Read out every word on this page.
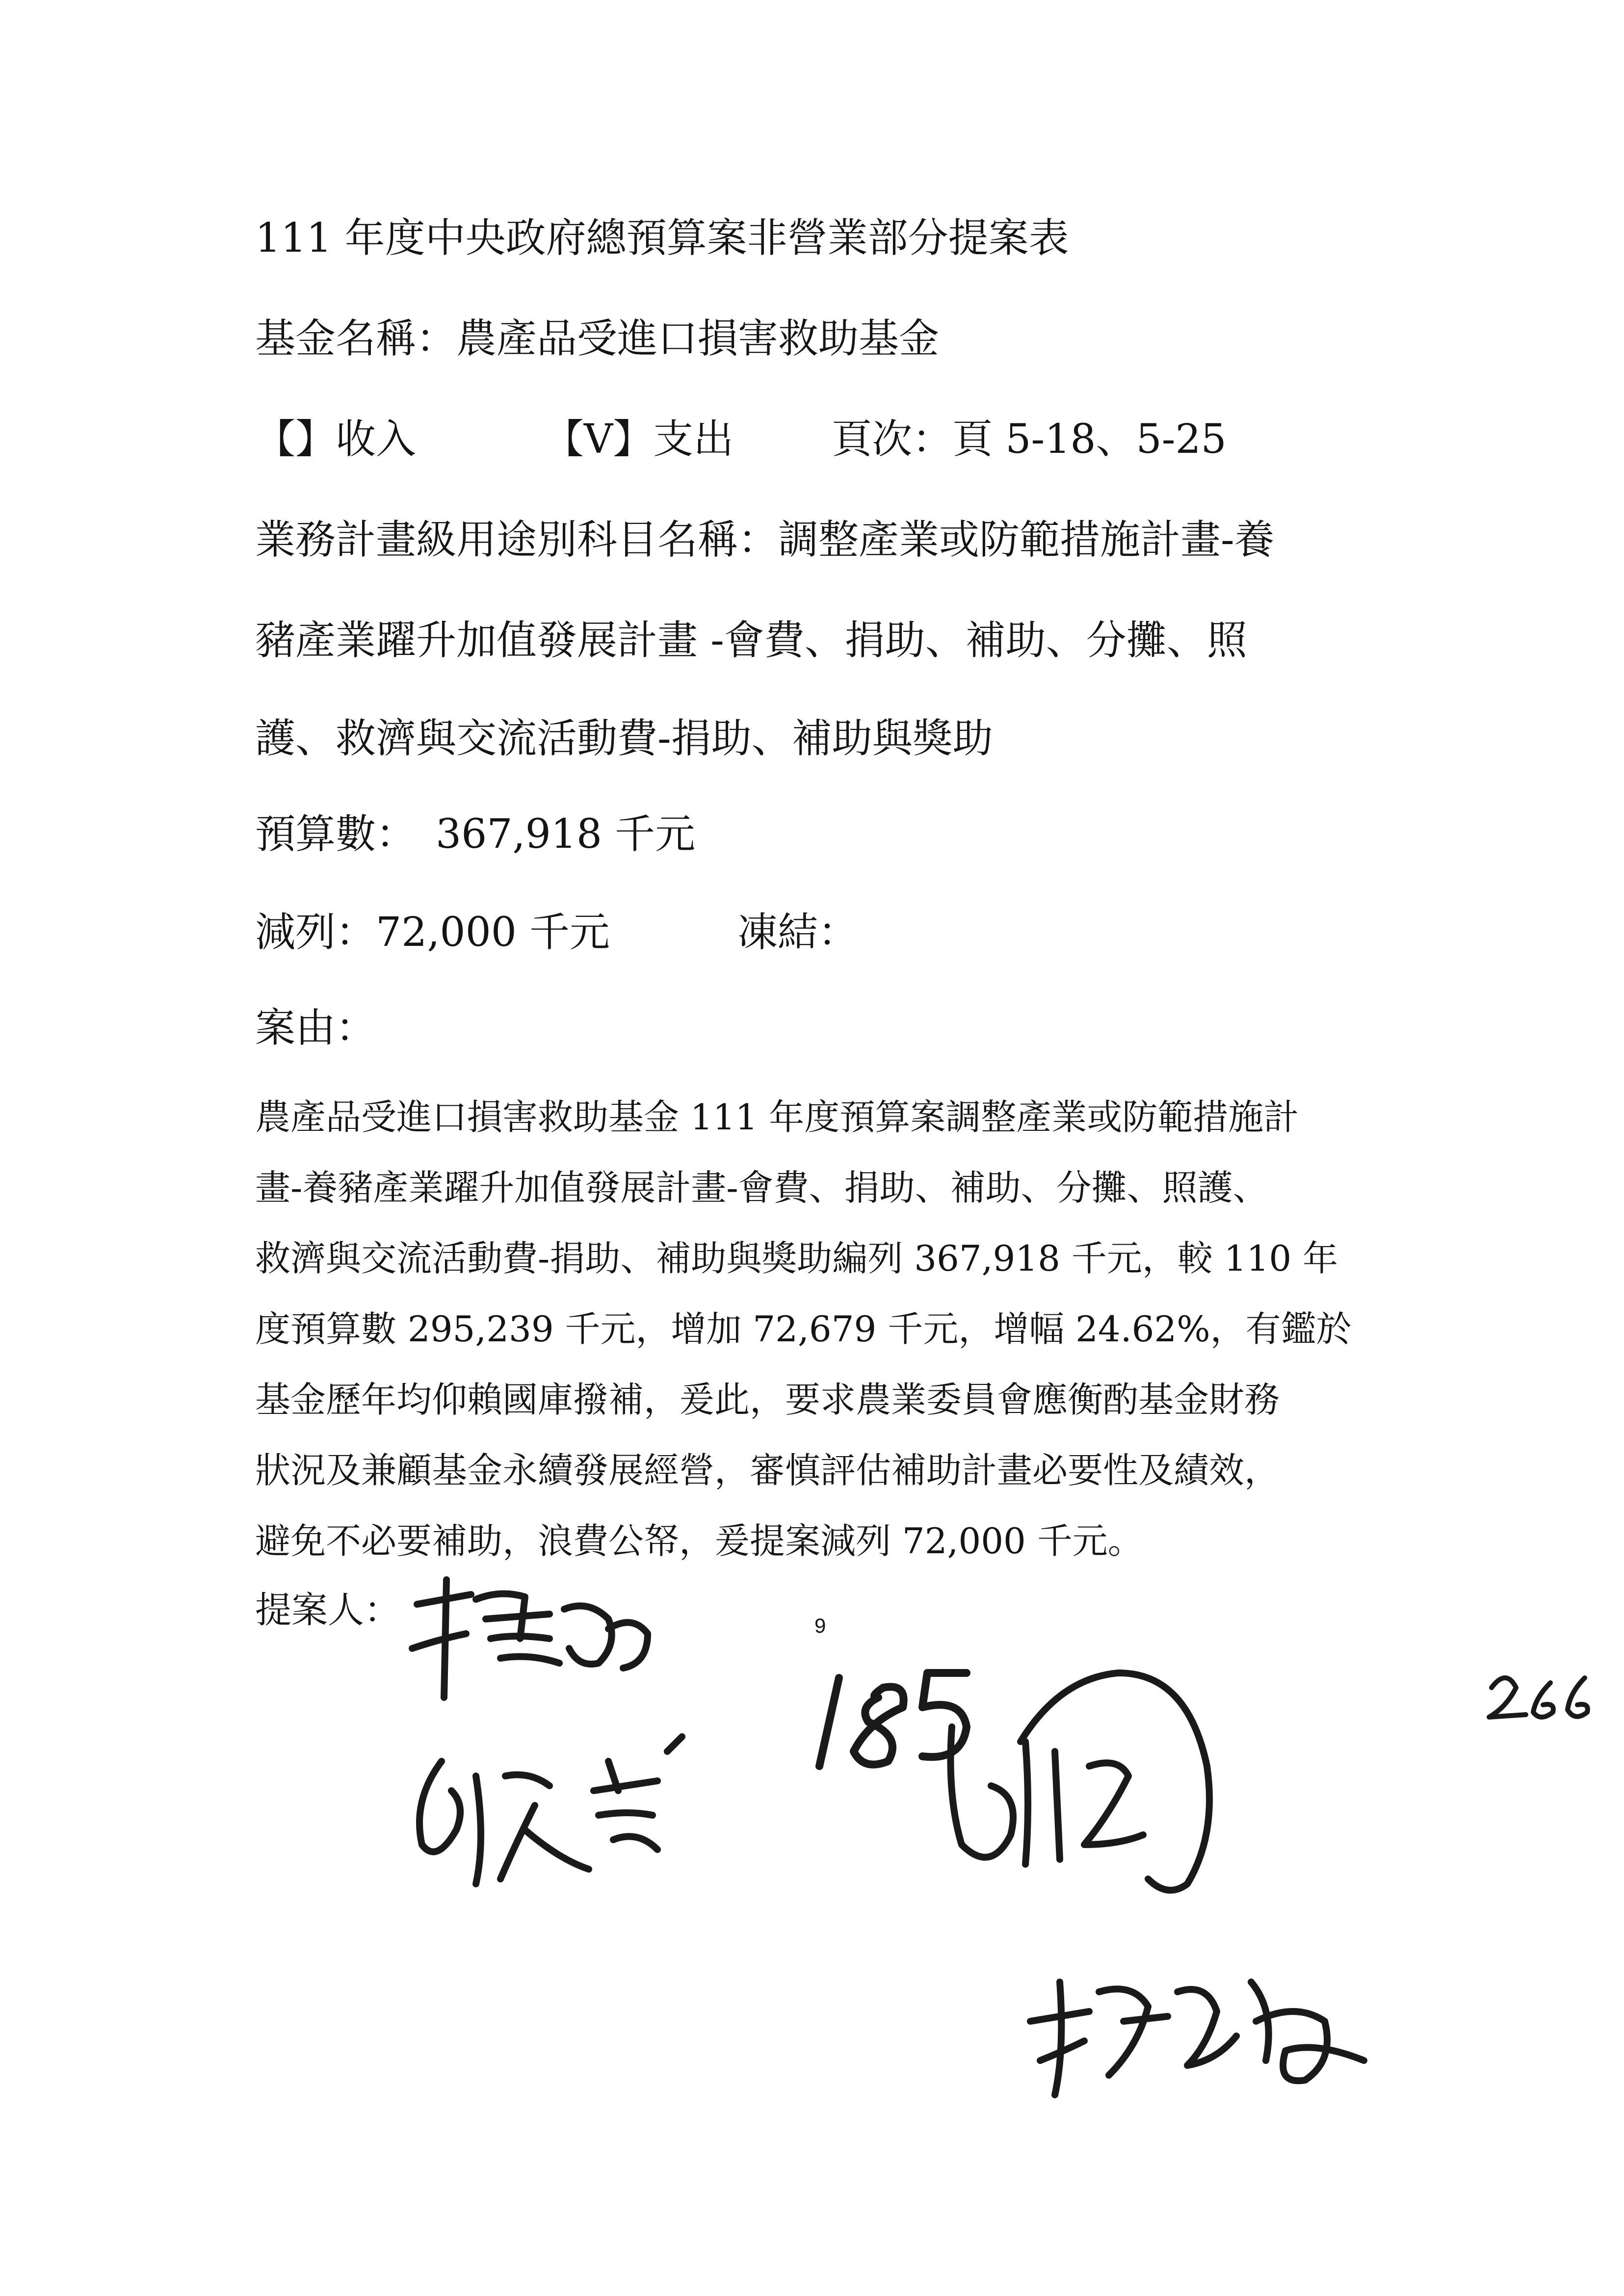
111 年度中央政府總預算案非營業部分提案表
基金名稱：農產品受進口損害救助基金
【】收入	【V】支出 頁次：頁 5-18、5-25
業務計畫級用途別科目名稱：調整產業或防範措施計畫-養
豬產業躍升加值發展計畫 -會費、捐助、補助、分攤、照
護、救濟與交流活動費-捐助、補助與獎助
預算數： 367,918 千元
減列：72,000 千元	凍結：
案由：

農產品受進口損害救助基金 111 年度預算案調整產業或防範措施計

畫-養豬產業躍升加值發展計畫-會費、捐助、補助、分攤、照護、

救濟與交流活動費-捐助、補助與獎助編列 367,918 千元，較 110 年

度預算數 295,239 千元，增加 72,679 千元，增幅 24.62%，有鑑於

基金歷年均仰賴國庫撥補，爰此，要求農業委員會應衡酌基金財務

狀況及兼顧基金永續發展經營，審慎評估補助計畫必要性及績效，

避免不必要補助，浪費公帑，爰提案減列 72,000 千元。

提案人：	9
